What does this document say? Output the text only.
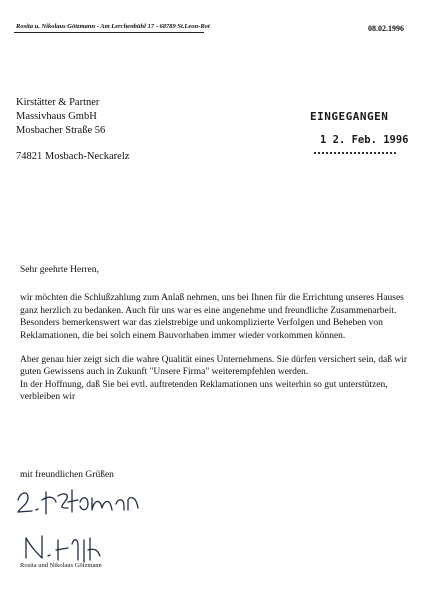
Rosita u. Nikolaus Götzmann - Am Lerchenbühl 17 - 68789 St.Leon-Rot	08.02.1996
Kirstätter & Partner
Massivhaus GmbH
Mosbacher Straße 56
74821 Mosbach-Neckarelz
EINGEGANGEN
1 2. Feb. 1996
Sehr geehrte Herren,
wir möchten die Schlußzahlung zum Anlaß nehmen, uns bei Ihnen für die Errichtung unseres Hauses ganz herzlich zu bedanken. Auch für uns war es eine angenehme und freundliche Zusammenarbeit.
Besonders bemerkenswert war das zielstrebige und unkomplizierte Verfolgen und Beheben von Reklamationen, die bei solch einem Bauvorhaben immer wieder vorkommen können.
Aber genau hier zeigt sich die wahre Qualität eines Unternehmens. Sie dürfen versichert sein, daß wir guten Gewissens auch in Zukunft "Unsere Firma" weiterempfehlen werden.
In der Hoffnung, daß Sie bei evtl. auftretenden Reklamationen uns weiterhin so gut unterstützen, verbleiben wir
mit freundlichen Grüßen
Rosita und Nikolaus Götzmann
